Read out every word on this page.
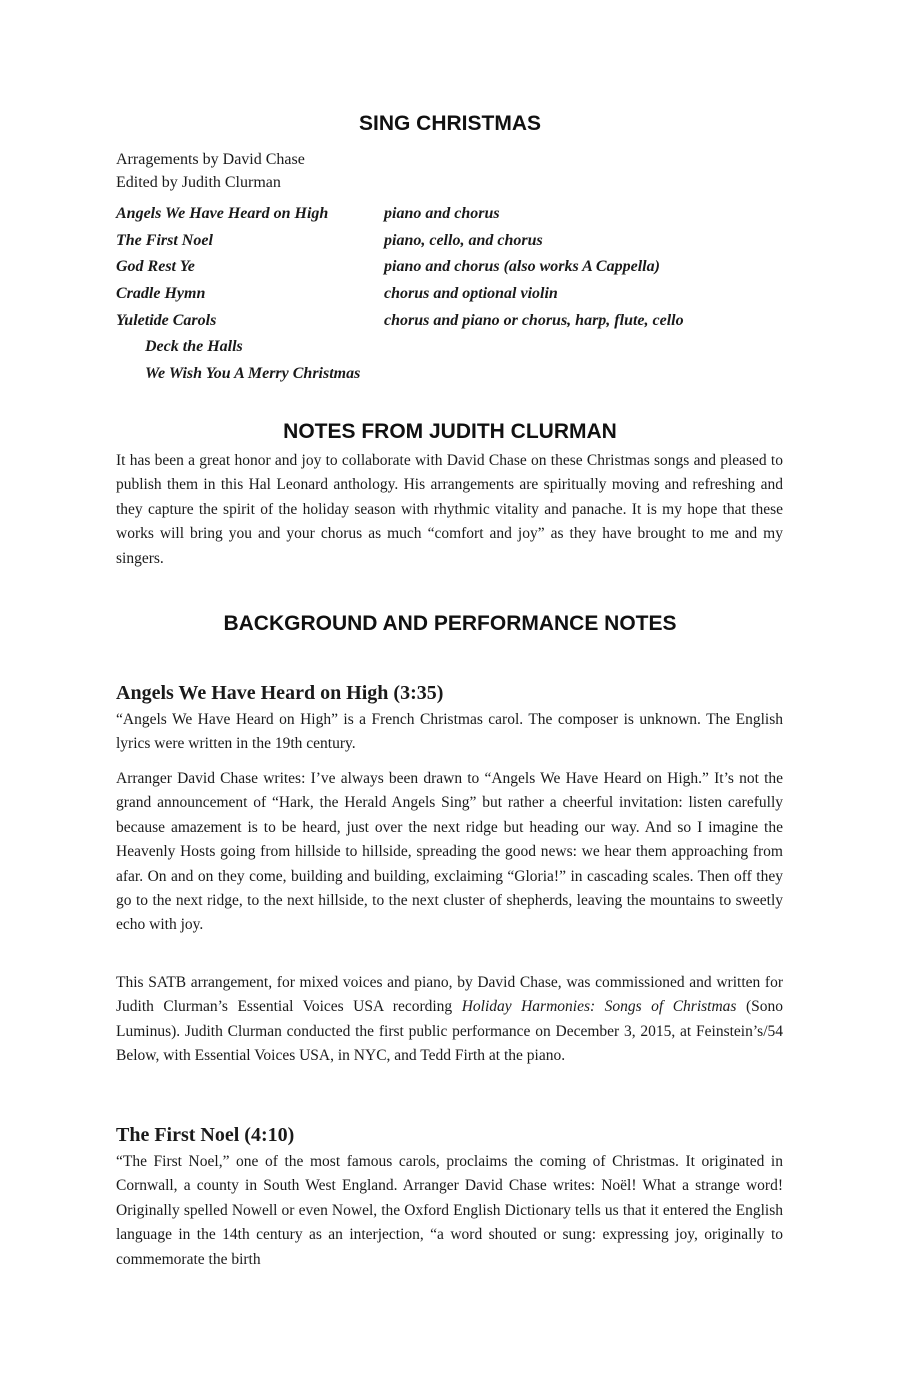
SING CHRISTMAS
Arragements by David Chase
Edited by Judith Clurman
Angels We Have Heard on High	piano and chorus
The First Noel	piano, cello, and chorus
God Rest Ye	piano and chorus (also works A Cappella)
Cradle Hymn	chorus and optional violin
Yuletide Carols	chorus and piano or chorus, harp, flute, cello
Deck the Halls
We Wish You A Merry Christmas
NOTES FROM JUDITH CLURMAN

It has been a great honor and joy to collaborate with David Chase on these Christmas songs and pleased to publish them in this Hal Leonard anthology. His arrangements are spiritually moving and refreshing and they capture the spirit of the holiday season with rhythmic vitality and panache. It is my hope that these works will bring you and your chorus as much “comfort and joy” as they have brought to me and my singers.

BACKGROUND AND PERFORMANCE NOTES
Angels We Have Heard on High (3:35)

“Angels We Have Heard on High” is a French Christmas carol. The composer is unknown. The English lyrics were written in the 19th century.

Arranger David Chase writes: I’ve always been drawn to “Angels We Have Heard on High.” It’s not the grand announcement of “Hark, the Herald Angels Sing” but rather a cheerful invitation: listen carefully because amazement is to be heard, just over the next ridge but heading our way. And so I imagine the Heavenly Hosts going from hillside to hillside, spreading the good news: we hear them approaching from afar. On and on they come, building and building, exclaiming “Gloria!” in cascading scales. Then off they go to the next ridge, to the next hillside, to the next cluster of shepherds, leaving the mountains to sweetly echo with joy.

This SATB arrangement, for mixed voices and piano, by David Chase, was commissioned and written for Judith Clurman’s Essential Voices USA recording Holiday Harmonies: Songs of Christmas (Sono Luminus). Judith Clurman conducted the first public performance on December 3, 2015, at Feinstein’s/54 Below, with Essential Voices USA, in NYC, and Tedd Firth at the piano.

The First Noel (4:10)

“The First Noel,” one of the most famous carols, proclaims the coming of Christmas. It originated in Cornwall, a county in South West England. Arranger David Chase writes: Noël! What a strange word! Originally spelled Nowell or even Nowel, the Oxford English Dictionary tells us that it entered the English language in the 14th century as an interjection, “a word shouted or sung: expressing joy, originally to commemorate the birth
